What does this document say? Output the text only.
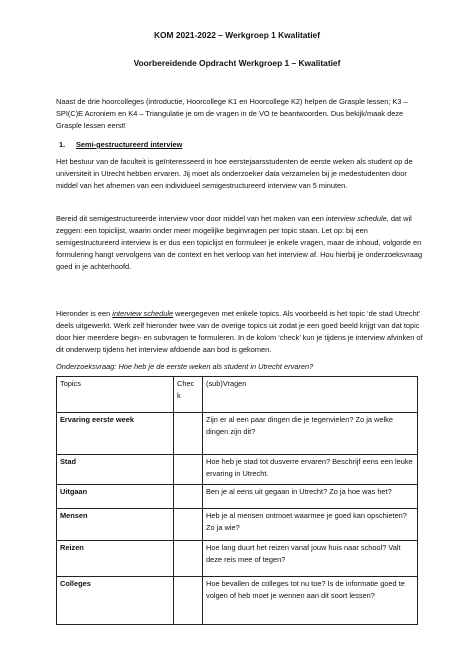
KOM 2021-2022 – Werkgroep 1 Kwalitatief
Voorbereidende Opdracht Werkgroep 1 – Kwalitatief
Naast de drie hoorcolleges (introductie, Hoorcollege K1 en Hoorcollege K2) helpen de Grasple lessen; K3 – SPI(C)E Acroniem en K4 – Triangulatie je om de vragen in de VO te beantwoorden. Dus bekijk/maak deze Grasple lessen eerst!
1. Semi-gestructureerd interview
Het bestuur van de faculteit is geïnteresseerd in hoe eerstejaarsstudenten de eerste weken als student op de universiteit in Utrecht hebben ervaren. Jij moet als onderzoeker data verzamelen bij je medestudenten door middel van het afnemen van een individueel semigestructureerd interview van 5 minuten.
Bereid dit semigestructureerde interview voor door middel van het maken van een interview schedule, dat wil zeggen: een topiclijst, waarin onder meer mogelijke beginvragen per topic staan. Let op: bij een semigestructureerd interview is er dus een topiclijst en formuleer je enkele vragen, maar de inhoud, volgorde en formulering hangt vervolgens van de context en het verloop van het interview af. Hou hierbij je onderzoeksvraag goed in je achterhoofd.
Hieronder is een interview schedule weergegeven met enkele topics. Als voorbeeld is het topic ‘de stad Utrecht’ deels uitgewerkt. Werk zelf hieronder twee van de overige topics uit zodat je een goed beeld krijgt van dat topic door hier meerdere begin- en subvragen te formuleren. In de kolom ‘check’ kun je tijdens je interview afvinken of dit onderwerp tijdens het interview afdoende aan bod is gekomen.
Onderzoeksvraag: Hoe heb je de eerste weken als student in Utrecht ervaren?
Topics	Chec k	(sub)Vragen
Ervaring eerste week		Zijn er al een paar dingen die je tegenvielen? Zo ja welke dingen zijn dit?
Stad		Hoe heb je stad tot dusverre ervaren? Beschrijf eens een leuke ervaring in Utrecht.
Uitgaan		Ben je al eens uit gegaan in Utrecht? Zo ja hoe was het?
Mensen		Heb je al mensen ontmoet waarmee je goed kan opschieten? Zo ja wie?
Reizen		Hoe lang duurt het reizen vanaf jouw huis naar school? Valt deze reis mee of tegen?
Colleges		Hoe bevallen de colleges tot nu toe? Is de informatie goed te volgen of heb moet je wennen aan dit soort lessen?
